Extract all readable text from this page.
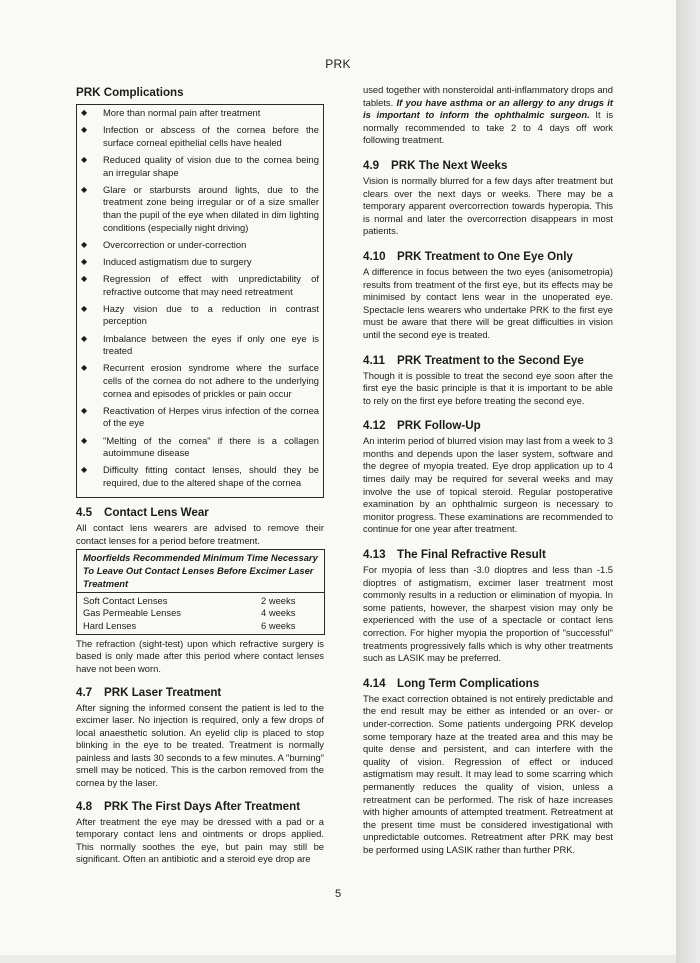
PRK
PRK Complications
◆	More than normal pain after treatment
◆	Infection or abscess of the cornea before the surface corneal epithelial cells have healed
◆	Reduced quality of vision due to the cornea being an irregular shape
◆	Glare or starbursts around lights, due to the treatment zone being irregular or of a size smaller than the pupil of the eye when dilated in dim lighting conditions (especially night driving)
◆	Overcorrection or under-correction
◆	Induced astigmatism due to surgery
◆	Regression of effect with unpredictability of refractive outcome that may need retreatment
◆	Hazy vision due to a reduction in contrast perception
◆	Imbalance between the eyes if only one eye is treated
◆	Recurrent erosion syndrome where the surface cells of the cornea do not adhere to the underlying cornea and episodes of prickles or pain occur
◆	Reactivation of Herpes virus infection of the cornea of the eye
◆	"Melting of the cornea" if there is a collagen autoimmune disease
◆	Difficulty fitting contact lenses, should they be required, due to the altered shape of the cornea
4.5 Contact Lens Wear

All contact lens wearers are advised to remove their contact lenses for a period before treatment.

Moorfields Recommended Minimum Time Necessary To Leave Out Contact Lenses Before Excimer Laser Treatment
Soft Contact Lenses	2 weeks
Gas Permeable Lenses	4 weeks
Hard Lenses	6 weeks

The refraction (sight-test) upon which refractive surgery is based is only made after this period where contact lenses have not been worn.

4.7 PRK Laser Treatment

After signing the informed consent the patient is led to the excimer laser. No injection is required, only a few drops of local anaesthetic solution. An eyelid clip is placed to stop blinking in the eye to be treated. Treatment is normally painless and lasts 30 seconds to a few minutes. A "burning" smell may be noticed. This is the carbon removed from the cornea by the laser.

4.8 PRK The First Days After Treatment

After treatment the eye may be dressed with a pad or a temporary contact lens and ointments or drops applied. This normally soothes the eye, but pain may still be significant. Often an antibiotic and a steroid eye drop are

used together with nonsteroidal anti-inflammatory drops and tablets. If you have asthma or an allergy to any drugs it is important to inform the ophthalmic surgeon. It is normally recommended to take 2 to 4 days off work following treatment.

4.9 PRK The Next Weeks

Vision is normally blurred for a few days after treatment but clears over the next days or weeks. There may be a temporary apparent overcorrection towards hyperopia. This is normal and later the overcorrection disappears in most patients.

4.10 PRK Treatment to One Eye Only

A difference in focus between the two eyes (anisometropia) results from treatment of the first eye, but its effects may be minimised by contact lens wear in the unoperated eye. Spectacle lens wearers who undertake PRK to the first eye must be aware that there will be great difficulties in vision until the second eye is treated.

4.11 PRK Treatment to the Second Eye

Though it is possible to treat the second eye soon after the first eye the basic principle is that it is important to be able to rely on the first eye before treating the second eye.

4.12 PRK Follow-Up

An interim period of blurred vision may last from a week to 3 months and depends upon the laser system, software and the degree of myopia treated. Eye drop application up to 4 times daily may be required for several weeks and may involve the use of topical steroid. Regular postoperative examination by an ophthalmic surgeon is necessary to monitor progress. These examinations are recommended to continue for one year after treatment.

4.13 The Final Refractive Result

For myopia of less than -3.0 dioptres and less than -1.5 dioptres of astigmatism, excimer laser treatment most commonly results in a reduction or elimination of myopia. In some patients, however, the sharpest vision may only be experienced with the use of a spectacle or contact lens correction. For higher myopia the proportion of "successful" treatments progressively falls which is why other treatments such as LASIK may be preferred.

4.14 Long Term Complications

The exact correction obtained is not entirely predictable and the end result may be either as intended or an over- or under-correction. Some patients undergoing PRK develop some temporary haze at the treated area and this may be quite dense and persistent, and can interfere with the quality of vision. Regression of effect or induced astigmatism may result. It may lead to some scarring which permanently reduces the quality of vision, unless a retreatment can be performed. The risk of haze increases with higher amounts of attempted treatment. Retreatment at the present time must be considered investigational with unpredictable outcomes. Retreatment after PRK may best be performed using LASIK rather than further PRK.

5
